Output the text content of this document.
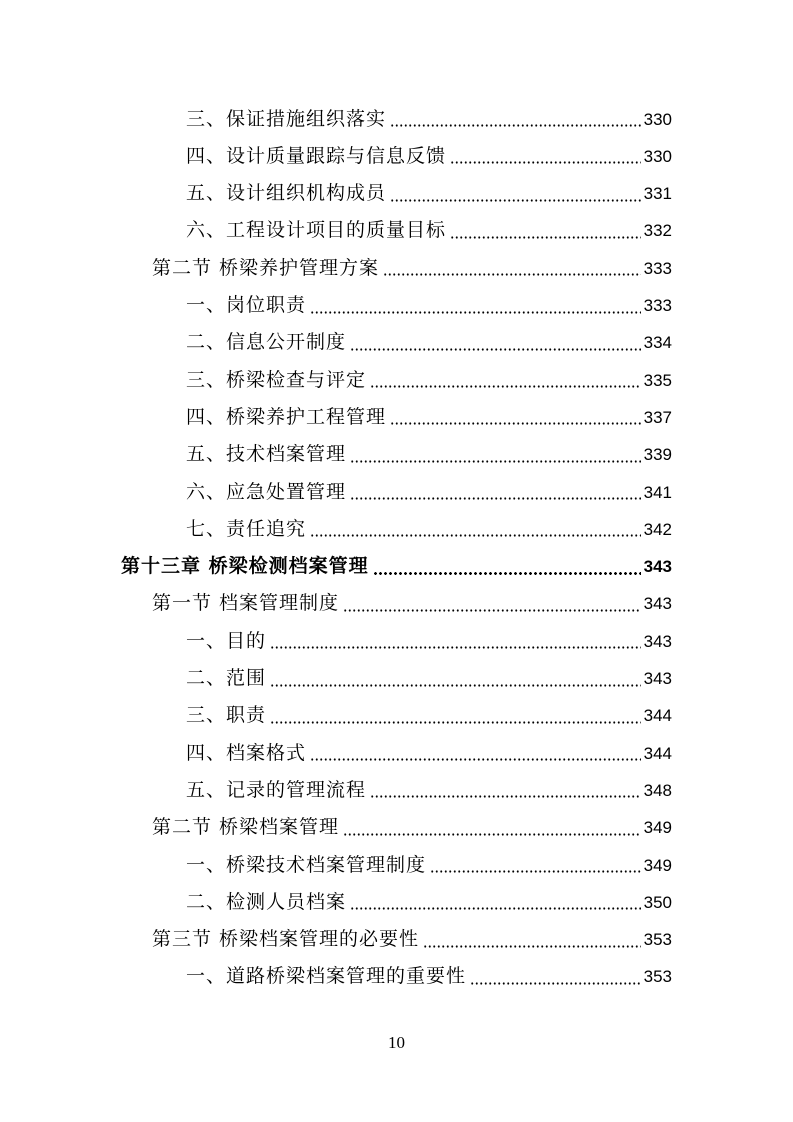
三、保证措施组织落实	330
四、设计质量跟踪与信息反馈	330
五、设计组织机构成员	331
六、工程设计项目的质量目标	332
第二节 桥梁养护管理方案	333
一、岗位职责	333
二、信息公开制度	334
三、桥梁检查与评定	335
四、桥梁养护工程管理	337
五、技术档案管理	339
六、应急处置管理	341
七、责任追究	342
第十三章 桥梁检测档案管理	343
第一节 档案管理制度	343
一、目的	343
二、范围	343
三、职责	344
四、档案格式	344
五、记录的管理流程	348
第二节 桥梁档案管理	349
一、桥梁技术档案管理制度	349
二、检测人员档案	350
第三节 桥梁档案管理的必要性	353
一、道路桥梁档案管理的重要性	353
10
